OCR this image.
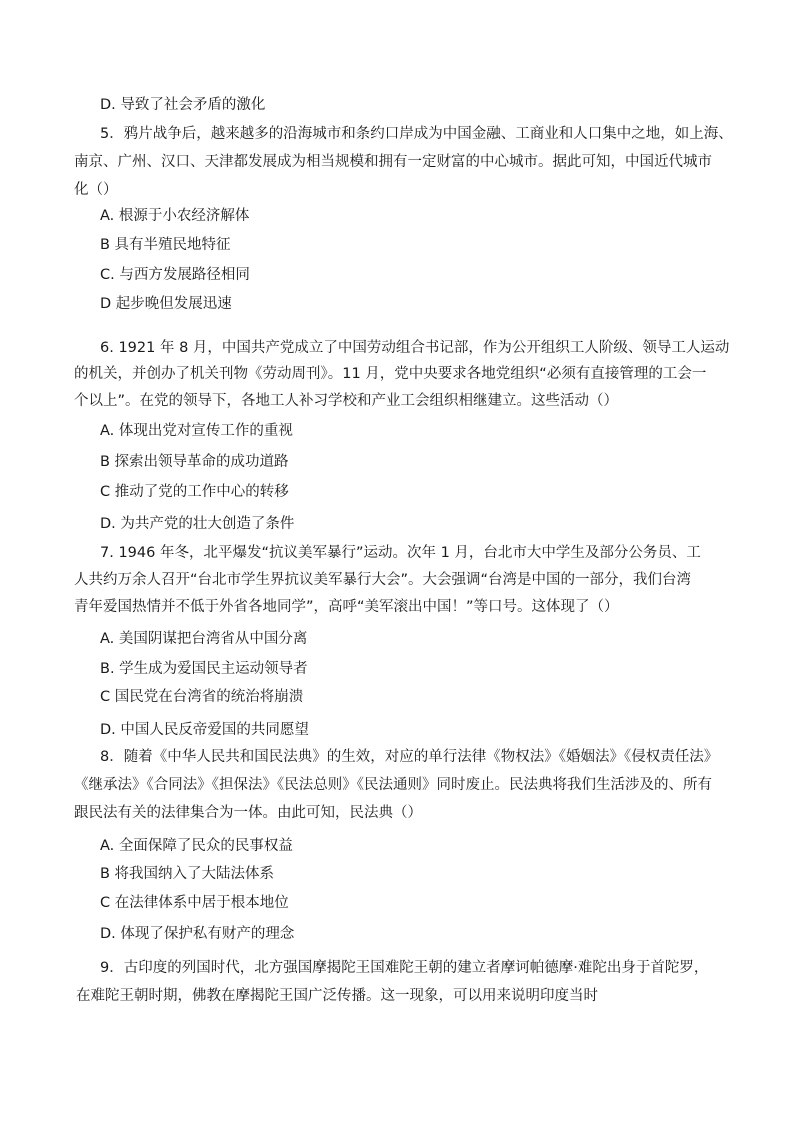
D. 导致了社会矛盾的激化
5．鸦片战争后，越来越多的沿海城市和条约口岸成为中国金融、工商业和人口集中之地，如上海、
南京、广州、汉口、天津都发展成为相当规模和拥有一定财富的中心城市。据此可知，中国近代城市
化（）
A. 根源于小农经济解体
B 具有半殖民地特征
C. 与西方发展路径相同
D 起步晚但发展迅速
6. 1921 年 8 月，中国共产党成立了中国劳动组合书记部，作为公开组织工人阶级、领导工人运动
的机关，并创办了机关刊物《劳动周刊》。11 月，党中央要求各地党组织“必须有直接管理的工会一
个以上”。在党的领导下，各地工人补习学校和产业工会组织相继建立。这些活动（）
A. 体现出党对宣传工作的重视
B 探索出领导革命的成功道路
C 推动了党的工作中心的转移
D. 为共产党的壮大创造了条件
7. 1946 年冬，北平爆发“抗议美军暴行”运动。次年 1 月，台北市大中学生及部分公务员、工
人共约万余人召开“台北市学生界抗议美军暴行大会”。大会强调“台湾是中国的一部分，我们台湾
青年爱国热情并不低于外省各地同学”，高呼“美军滚出中国！”等口号。这体现了（）
A. 美国阴谋把台湾省从中国分离
B. 学生成为爱国民主运动领导者
C 国民党在台湾省的统治将崩溃
D. 中国人民反帝爱国的共同愿望
8．随着《中华人民共和国民法典》的生效，对应的单行法律《物权法》《婚姻法》《侵权责任法》
《继承法》《合同法》《担保法》《民法总则》《民法通则》同时废止。民法典将我们生活涉及的、所有
跟民法有关的法律集合为一体。由此可知，民法典（）
A. 全面保障了民众的民事权益
B 将我国纳入了大陆法体系
C 在法律体系中居于根本地位
D. 体现了保护私有财产的理念
9．古印度的列国时代，北方强国摩揭陀王国难陀王朝的建立者摩诃帕德摩·难陀出身于首陀罗，
在难陀王朝时期，佛教在摩揭陀王国广泛传播。这一现象，可以用来说明印度当时
